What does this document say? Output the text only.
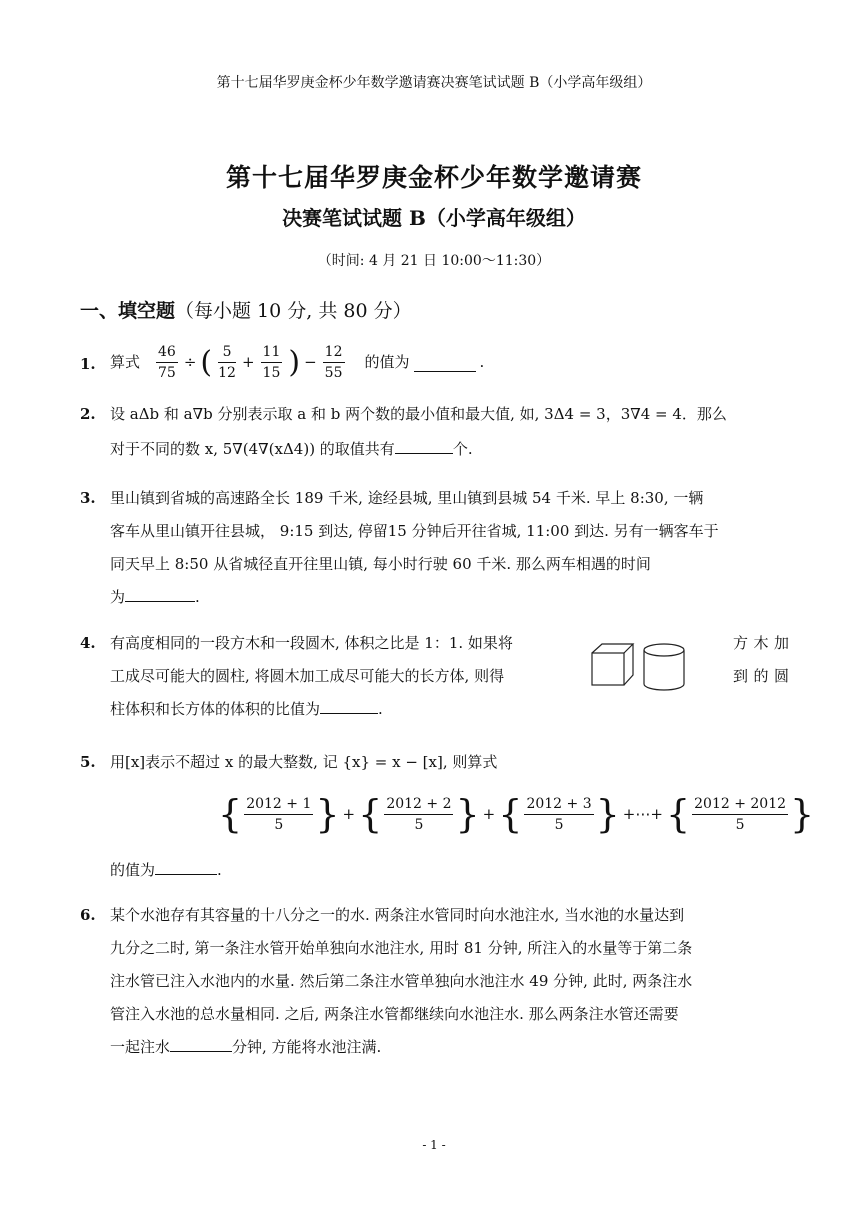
第十七届华罗庚金杯少年数学邀请赛决赛笔试试题 B（小学高年级组）
第十七届华罗庚金杯少年数学邀请赛
决赛笔试试题 B（小学高年级组）
（时间: 4 月 21 日 10:00～11:30）
一、填空题（每小题 10 分, 共 80 分）
1. 算式 $\frac{46}{75}$ ÷ ( $\frac{5}{12} + \frac{11}{15}$ ) − $\frac{12}{55}$ 的值为	.
2. 设 aΔb 和 a∇b 分别表示取 a 和 b 两个数的最小值和最大值, 如, 3Δ4 = 3，3∇4 = 4．那么
对于不同的数 x, 5∇(4∇(xΔ4)) 的取值共有	个.
3. 里山镇到省城的高速路全长 189 千米, 途经县城, 里山镇到县城 54 千米. 早上 8:30, 一辆
客车从里山镇开往县城， 9:15 到达, 停留15 分钟后开往省城, 11:00 到达. 另有一辆客车于
同天早上 8:50 从省城径直开往里山镇, 每小时行驶 60 千米. 那么两车相遇的时间
为	.
4. 有高度相同的一段方木和一段圆木, 体积之比是 1：1. 如果将
工成尽可能大的圆柱, 将圆木加工成尽可能大的长方体, 则得
柱体积和长方体的体积的比值为	.
方木加
到的圆
5. 用[x]表示不超过 x 的最大整数, 记 {x} = x − [x], 则算式
{ $\frac{2012 + 1}{5}$ } + { $\frac{2012 + 2}{5}$ } + { $\frac{2012 + 3}{5}$ } +⋯+ { $\frac{2012 + 2012}{5}$ }
的值为	.
6. 某个水池存有其容量的十八分之一的水. 两条注水管同时向水池注水, 当水池的水量达到
九分之二时, 第一条注水管开始单独向水池注水, 用时 81 分钟, 所注入的水量等于第二条
注水管已注入水池内的水量. 然后第二条注水管单独向水池注水 49 分钟, 此时, 两条注水
管注入水池的总水量相同. 之后, 两条注水管都继续向水池注水. 那么两条注水管还需要
一起注水	分钟, 方能将水池注满.
- 1 -
